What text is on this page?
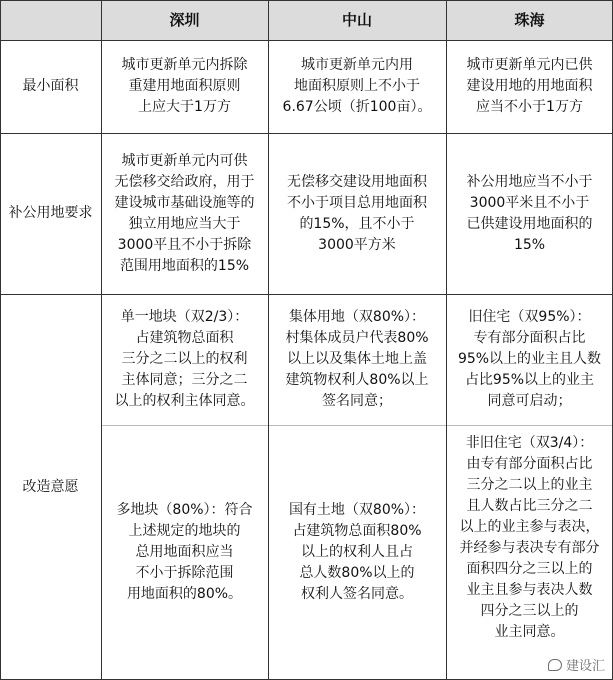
深圳	中山	珠海
最小面积
城市更新单元内拆除
重建用地面积原则
上应大于1万方
城市更新单元内用
地面积原则上不小于
6.67公顷（折100亩）。
城市更新单元内已供
建设用地的用地面积
应当不小于1万方
补公用地要求
城市更新单元内可供
无偿移交给政府，用于
建设城市基础设施等的
独立用地应当大于
3000平且不小于拆除
范围用地面积的15%
无偿移交建设用地面积
不小于项目总用地面积
的15%，且不小于
3000平方米
补公用地应当不小于
3000平米且不小于
已供建设用地面积的
15%
改造意愿
单一地块（双2/3）：
占建筑物总面积
三分之二以上的权利
主体同意；三分之二
以上的权利主体同意。
多地块（80%）：符合
上述规定的地块的
总用地面积应当
不小于拆除范围
用地面积的80%。
集体用地（双80%）：
村集体成员户代表80%
以上以及集体土地上盖
建筑物权利人80%以上
签名同意；
国有土地（双80%）：
占建筑物总面积80%
以上的权利人且占
总人数80%以上的
权利人签名同意。
旧住宅（双95%）：
专有部分面积占比
95%以上的业主且人数
占比95%以上的业主
同意可启动；
非旧住宅（双3/4）：
由专有部分面积占比
三分之二以上的业主
且人数占比三分之二
以上的业主参与表决，
并经参与表决专有部分
面积四分之三以上的
业主且参与表决人数
四分之三以上的
业主同意。
建设汇
